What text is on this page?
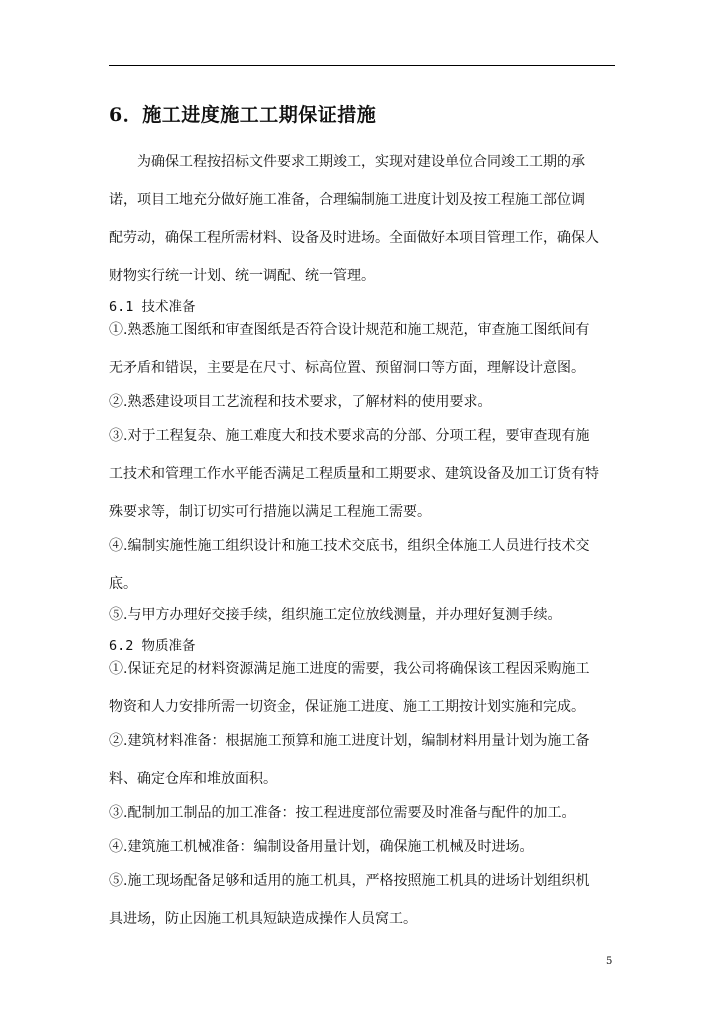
6．施工进度施工工期保证措施
为确保工程按招标文件要求工期竣工，实现对建设单位合同竣工工期的承
诺，项目工地充分做好施工准备，合理编制施工进度计划及按工程施工部位调
配劳动，确保工程所需材料、设备及时进场。全面做好本项目管理工作，确保人
财物实行统一计划、统一调配、统一管理。
6.1 技术准备
①.熟悉施工图纸和审查图纸是否符合设计规范和施工规范，审查施工图纸间有
无矛盾和错误，主要是在尺寸、标高位置、预留洞口等方面，理解设计意图。
②.熟悉建设项目工艺流程和技术要求，了解材料的使用要求。
③.对于工程复杂、施工难度大和技术要求高的分部、分项工程，要审查现有施
工技术和管理工作水平能否满足工程质量和工期要求、建筑设备及加工订货有特
殊要求等，制订切实可行措施以满足工程施工需要。
④.编制实施性施工组织设计和施工技术交底书，组织全体施工人员进行技术交
底。
⑤.与甲方办理好交接手续，组织施工定位放线测量，并办理好复测手续。
6.2 物质准备
①.保证充足的材料资源满足施工进度的需要，我公司将确保该工程因采购施工
物资和人力安排所需一切资金，保证施工进度、施工工期按计划实施和完成。
②.建筑材料准备：根据施工预算和施工进度计划，编制材料用量计划为施工备
料、确定仓库和堆放面积。
③.配制加工制品的加工准备：按工程进度部位需要及时准备与配件的加工。
④.建筑施工机械准备：编制设备用量计划，确保施工机械及时进场。
⑤.施工现场配备足够和适用的施工机具，严格按照施工机具的进场计划组织机
具进场，防止因施工机具短缺造成操作人员窝工。
5
